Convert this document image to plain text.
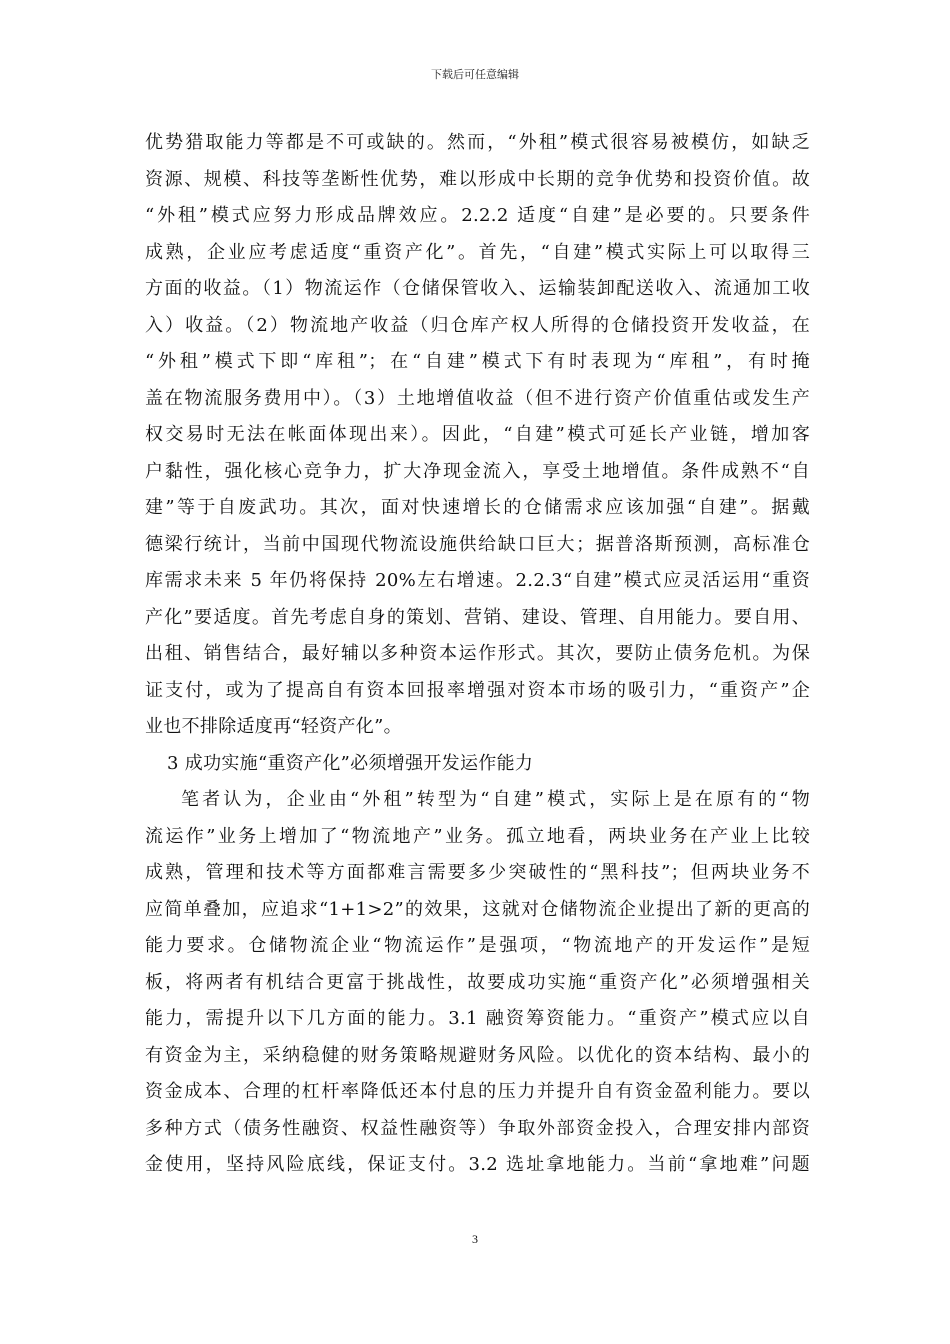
下载后可任意编辑
优势猎取能力等都是不可或缺的。然而，“外租”模式很容易被模仿，如缺乏
资源、规模、科技等垄断性优势，难以形成中长期的竞争优势和投资价值。故
“外租”模式应努力形成品牌效应。2.2.2 适度“自建”是必要的。只要条件
成熟，企业应考虑适度“重资产化”。首先，“自建”模式实际上可以取得三
方面的收益。（1）物流运作（仓储保管收入、运输装卸配送收入、流通加工收
入）收益。（2）物流地产收益（归仓库产权人所得的仓储投资开发收益，在
“外租”模式下即“库租”；在“自建”模式下有时表现为“库租”，有时掩
盖在物流服务费用中）。（3）土地增值收益（但不进行资产价值重估或发生产
权交易时无法在帐面体现出来）。因此，“自建”模式可延长产业链，增加客
户黏性，强化核心竞争力，扩大净现金流入，享受土地增值。条件成熟不“自
建”等于自废武功。其次，面对快速增长的仓储需求应该加强“自建”。据戴
德梁行统计，当前中国现代物流设施供给缺口巨大；据普洛斯预测，高标准仓
库需求未来 5 年仍将保持 20%左右增速。2.2.3“自建”模式应灵活运用“重资
产化”要适度。首先考虑自身的策划、营销、建设、管理、自用能力。要自用、
出租、销售结合，最好辅以多种资本运作形式。其次，要防止债务危机。为保
证支付，或为了提高自有资本回报率增强对资本市场的吸引力，“重资产”企
业也不排除适度再“轻资产化”。
3 成功实施“重资产化”必须增强开发运作能力
笔者认为，企业由“外租”转型为“自建”模式，实际上是在原有的“物
流运作”业务上增加了“物流地产”业务。孤立地看，两块业务在产业上比较
成熟，管理和技术等方面都难言需要多少突破性的“黑科技”；但两块业务不
应简单叠加，应追求“1+1>2”的效果，这就对仓储物流企业提出了新的更高的
能力要求。仓储物流企业“物流运作”是强项，“物流地产的开发运作”是短
板，将两者有机结合更富于挑战性，故要成功实施“重资产化”必须增强相关
能力，需提升以下几方面的能力。3.1 融资筹资能力。“重资产”模式应以自
有资金为主，采纳稳健的财务策略规避财务风险。以优化的资本结构、最小的
资金成本、合理的杠杆率降低还本付息的压力并提升自有资金盈利能力。要以
多种方式（债务性融资、权益性融资等）争取外部资金投入，合理安排内部资
金使用，坚持风险底线，保证支付。3.2 选址拿地能力。当前“拿地难”问题
3
